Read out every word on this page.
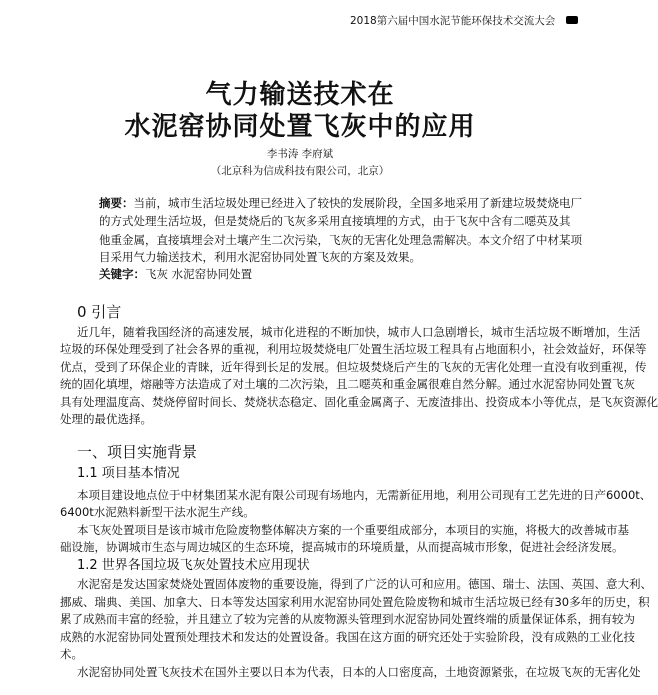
2018第六届中国水泥节能环保技术交流大会
气力输送技术在
水泥窑协同处置飞灰中的应用
李书涛 李府斌
（北京科为信成科技有限公司，北京）
摘要：当前，城市生活垃圾处理已经进入了较快的发展阶段，全国多地采用了新建垃圾焚烧电厂
的方式处理生活垃圾，但是焚烧后的飞灰多采用直接填埋的方式，由于飞灰中含有二噁英及其
他重金属，直接填埋会对土壤产生二次污染，飞灰的无害化处理急需解决。本文介绍了中材某项
目采用气力输送技术，利用水泥窑协同处置飞灰的方案及效果。
关键字：飞灰 水泥窑协同处置
0 引言
近几年，随着我国经济的高速发展，城市化进程的不断加快，城市人口急剧增长，城市生活垃圾不断增加，生活
垃圾的环保处理受到了社会各界的重视，利用垃圾焚烧电厂处置生活垃圾工程具有占地面积小，社会效益好，环保等
优点，受到了环保企业的青睐，近年得到长足的发展。但垃圾焚烧后产生的飞灰的无害化处理一直没有收到重视，传
统的固化填埋，熔融等方法造成了对土壤的二次污染，且二噁英和重金属很难自然分解。通过水泥窑协同处置飞灰
具有处理温度高、焚烧停留时间长、焚烧状态稳定、固化重金属离子、无废渣排出、投资成本小等优点，是飞灰资源化
处理的最优选择。
一、项目实施背景
1.1 项目基本情况
本项目建设地点位于中材集团某水泥有限公司现有场地内，无需新征用地，利用公司现有工艺先进的日产6000t、
6400t水泥熟料新型干法水泥生产线。
本飞灰处置项目是该市城市危险废物整体解决方案的一个重要组成部分，本项目的实施，将极大的改善城市基
础设施，协调城市生态与周边城区的生态环境，提高城市的环境质量，从而提高城市形象，促进社会经济发展。
1.2 世界各国垃圾飞灰处置技术应用现状
水泥窑是发达国家焚烧处置固体废物的重要设施，得到了广泛的认可和应用。德国、瑞士、法国、英国、意大利、
挪威、瑞典、美国、加拿大、日本等发达国家利用水泥窑协同处置危险废物和城市生活垃圾已经有30多年的历史，积
累了成熟而丰富的经验，并且建立了较为完善的从废物源头管理到水泥窑协同处置终端的质量保证体系，拥有较为
成熟的水泥窑协同处置预处理技术和发达的处置设备。我国在这方面的研究还处于实验阶段，没有成熟的工业化技
术。
水泥窑协同处置飞灰技术在国外主要以日本为代表，日本的人口密度高，土地资源紧张，在垃圾飞灰的无害化处
